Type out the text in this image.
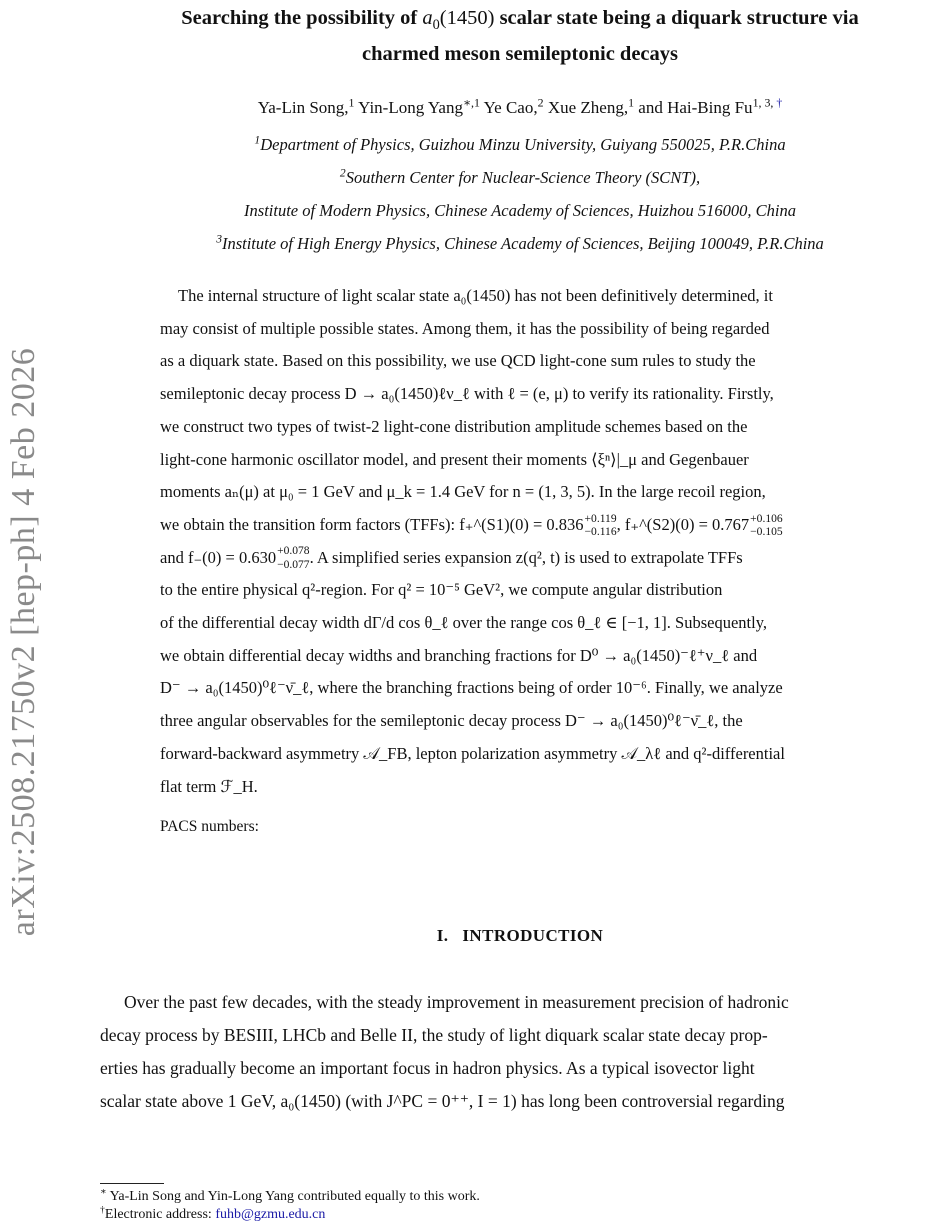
arXiv:2508.21750v2 [hep-ph] 4 Feb 2026
Searching the possibility of $a_0(1450)$ scalar state being a diquark structure via
charmed meson semileptonic decays
Ya-Lin Song,$^1$ Yin-Long Yang$^{∗,1}$ Ye Cao,$^2$ Xue Zheng,$^1$ and Hai-Bing $Fu^{1, 3, \dagger}$
$^1$Department of Physics, Guizhou Minzu University, Guiyang 550025, P.R.China
$^2$Southern Center for Nuclear-Science Theory (SCNT),
Institute of Modern Physics, Chinese Academy of Sciences, Huizhou 516000, China
$^3$Institute of High Energy Physics, Chinese Academy of Sciences, Beijing 100049, P.R.China
The internal structure of light scalar state a₀(1450) has not been definitively determined, it
may consist of multiple possible states. Among them, it has the possibility of being regarded
as a diquark state. Based on this possibility, we use QCD light-cone sum rules to study the
semileptonic decay process D → a₀(1450)ℓν_ℓ with ℓ = (e, μ) to verify its rationality. Firstly,
we construct two types of twist-2 light-cone distribution amplitude schemes based on the
light-cone harmonic oscillator model, and present their moments ⟨ξⁿ⟩|_μ and Gegenbauer
moments aₙ(μ) at μ₀ = 1 GeV and μ_k = 1.4 GeV for n = (1, 3, 5). In the large recoil region,
we obtain the transition form factors (TFFs): f₊^(S1)(0) = 0.836 +0.119
−0.116 , f₊^(S2)(0) = 0.767 +0.106
−0.105
and f₋(0) = 0.630 +0.078
−0.077 . A simplified series expansion z(q², t) is used to extrapolate TFFs
to the entire physical q²-region. For q² = 10⁻⁵ GeV², we compute angular distribution
of the differential decay width dΓ/d cos θ_ℓ over the range cos θ_ℓ ∈ [−1, 1]. Subsequently,
we obtain differential decay widths and branching fractions for D⁰ → a₀(1450)⁻ℓ⁺ν_ℓ and
D⁻ → a₀(1450)⁰ℓ⁻ν̄_ℓ, where the branching fractions being of order 10⁻⁶. Finally, we analyze
three angular observables for the semileptonic decay process D⁻ → a₀(1450)⁰ℓ⁻ν̄_ℓ, the
forward-backward asymmetry 𝒜_FB, lepton polarization asymmetry 𝒜_λℓ and q²-differential
flat term ℱ_H.
PACS numbers:
I. INTRODUCTION
Over the past few decades, with the steady improvement in measurement precision of hadronic
decay process by BESIII, LHCb and Belle II, the study of light diquark scalar state decay prop-
erties has gradually become an important focus in hadron physics. As a typical isovector light
scalar state above 1 GeV, a₀(1450) (with J^PC = 0⁺⁺, I = 1) has long been controversial regarding
∗ Ya-Lin Song and Yin-Long Yang contributed equally to this work.
†Electronic address: fuhb@gzmu.edu.cn
